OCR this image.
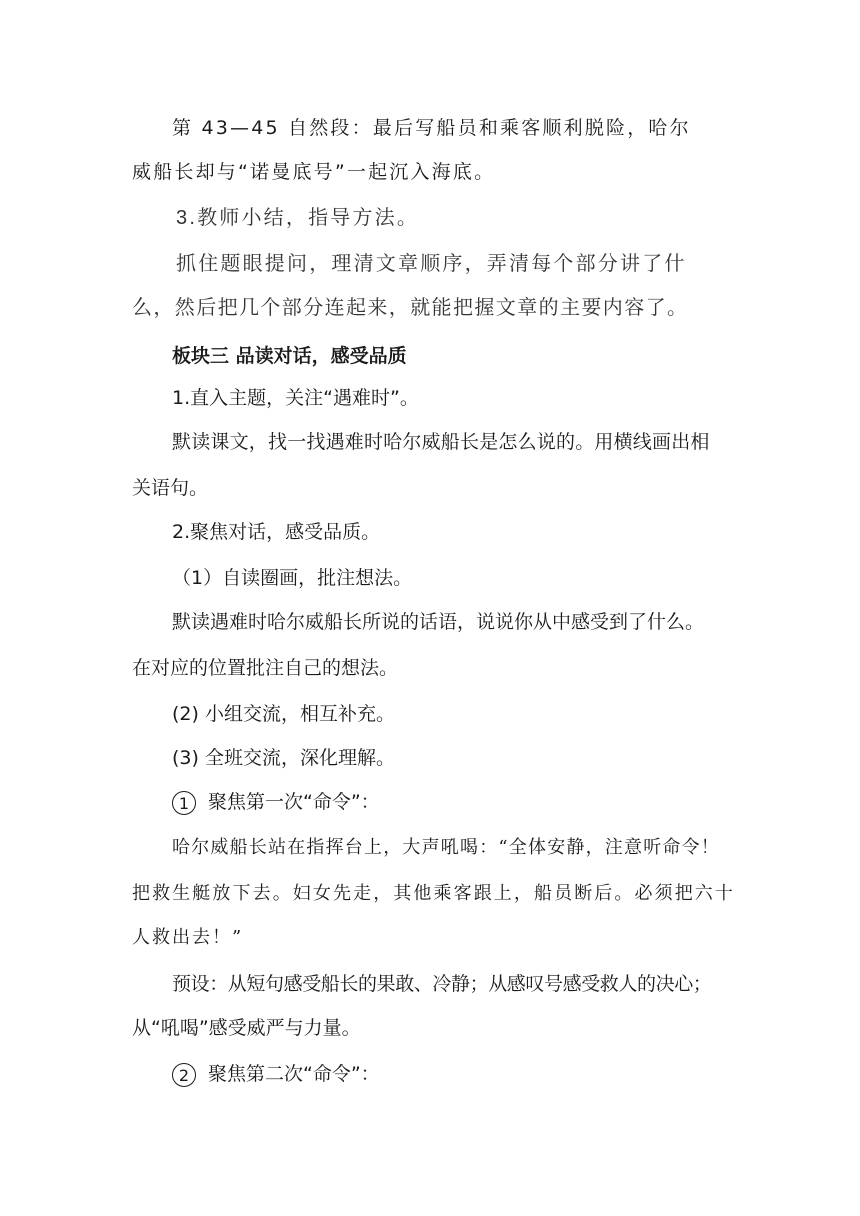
第 43—45 自然段：最后写船员和乘客顺利脱险，哈尔
威船长却与“诺曼底号”一起沉入海底。
3.教师小结，指导方法。
抓住题眼提问，理清文章顺序，弄清每个部分讲了什
么，然后把几个部分连起来，就能把握文章的主要内容了。
板块三 品读对话，感受品质
1.直入主题，关注“遇难时”。
默读课文，找一找遇难时哈尔威船长是怎么说的。用横线画出相
关语句。
2.聚焦对话，感受品质。
（1）自读圈画，批注想法。
默读遇难时哈尔威船长所说的话语，说说你从中感受到了什么。
在对应的位置批注自己的想法。
(2) 小组交流，相互补充。
(3) 全班交流，深化理解。
1 聚焦第一次“命令”：
哈尔威船长站在指挥台上，大声吼喝：“全体安静，注意听命令！
把救生艇放下去。妇女先走，其他乘客跟上，船员断后。必须把六十
人救出去！”
预设：从短句感受船长的果敢、冷静；从感叹号感受救人的决心；
从“吼喝”感受威严与力量。
2 聚焦第二次“命令”：
